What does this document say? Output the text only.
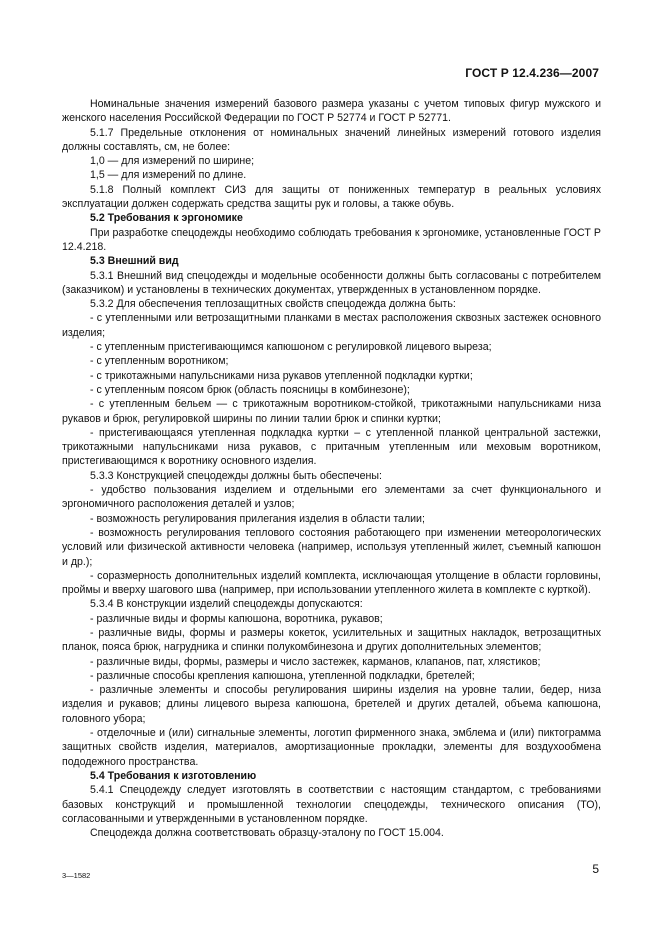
ГОСТ Р 12.4.236—2007

Номинальные значения измерений базового размера указаны с учетом типовых фигур мужского и женского населения Российской Федерации по ГОСТ Р 52774 и ГОСТ Р 52771.

5.1.7 Предельные отклонения от номинальных значений линейных измерений готового изделия должны составлять, см, не более:

1,0 — для измерений по ширине;

1,5 — для измерений по длине.

5.1.8 Полный комплект СИЗ для защиты от пониженных температур в реальных условиях эксплуатации должен содержать средства защиты рук и головы, а также обувь.

5.2 Требования к эргономике

При разработке спецодежды необходимо соблюдать требования к эргономике, установленные ГОСТ Р 12.4.218.

5.3 Внешний вид

5.3.1 Внешний вид спецодежды и модельные особенности должны быть согласованы с потребителем (заказчиком) и установлены в технических документах, утвержденных в установленном порядке.

5.3.2 Для обеспечения теплозащитных свойств спецодежда должна быть:

- с утепленными или ветрозащитными планками в местах расположения сквозных застежек основного изделия;

- с утепленным пристегивающимся капюшоном с регулировкой лицевого выреза;

- с утепленным воротником;

- с трикотажными напульсниками низа рукавов утепленной подкладки куртки;

- с утепленным поясом брюк (область поясницы в комбинезоне);

- с утепленным бельем — с трикотажным воротником-стойкой, трикотажными напульсниками низа рукавов и брюк, регулировкой ширины по линии талии брюк и спинки куртки;

- пристегивающаяся утепленная подкладка куртки – с утепленной планкой центральной застежки, трикотажными напульсниками низа рукавов, с притачным утепленным или меховым воротником, пристегивающимся к воротнику основного изделия.

5.3.3 Конструкцией спецодежды должны быть обеспечены:

- удобство пользования изделием и отдельными его элементами за счет функционального и эргономичного расположения деталей и узлов;

- возможность регулирования прилегания изделия в области талии;

- возможность регулирования теплового состояния работающего при изменении метеорологических условий или физической активности человека (например, используя утепленный жилет, съемный капюшон и др.);

- соразмерность дополнительных изделий комплекта, исключающая утолщение в области горловины, проймы и вверху шагового шва (например, при использовании утепленного жилета в комплекте с курткой).

5.3.4 В конструкции изделий спецодежды допускаются:

- различные виды и формы капюшона, воротника, рукавов;

- различные виды, формы и размеры кокеток, усилительных и защитных накладок, ветрозащитных планок, пояса брюк, нагрудника и спинки полукомбинезона и других дополнительных элементов;

- различные виды, формы, размеры и число застежек, карманов, клапанов, пат, хлястиков;

- различные способы крепления капюшона, утепленной подкладки, бретелей;

- различные элементы и способы регулирования ширины изделия на уровне талии, бедер, низа изделия и рукавов; длины лицевого выреза капюшона, бретелей и других деталей, объема капюшона, головного убора;

- отделочные и (или) сигнальные элементы, логотип фирменного знака, эмблема и (или) пиктограмма защитных свойств изделия, материалов, амортизационные прокладки, элементы для воздухообмена пододежного пространства.

5.4 Требования к изготовлению

5.4.1 Спецодежду следует изготовлять в соответствии с настоящим стандартом, с требованиями базовых конструкций и промышленной технологии спецодежды, технического описания (ТО), согласованными и утвержденными в установленном порядке.

Спецодежда должна соответствовать образцу-эталону по ГОСТ 15.004.

3—1582	5
